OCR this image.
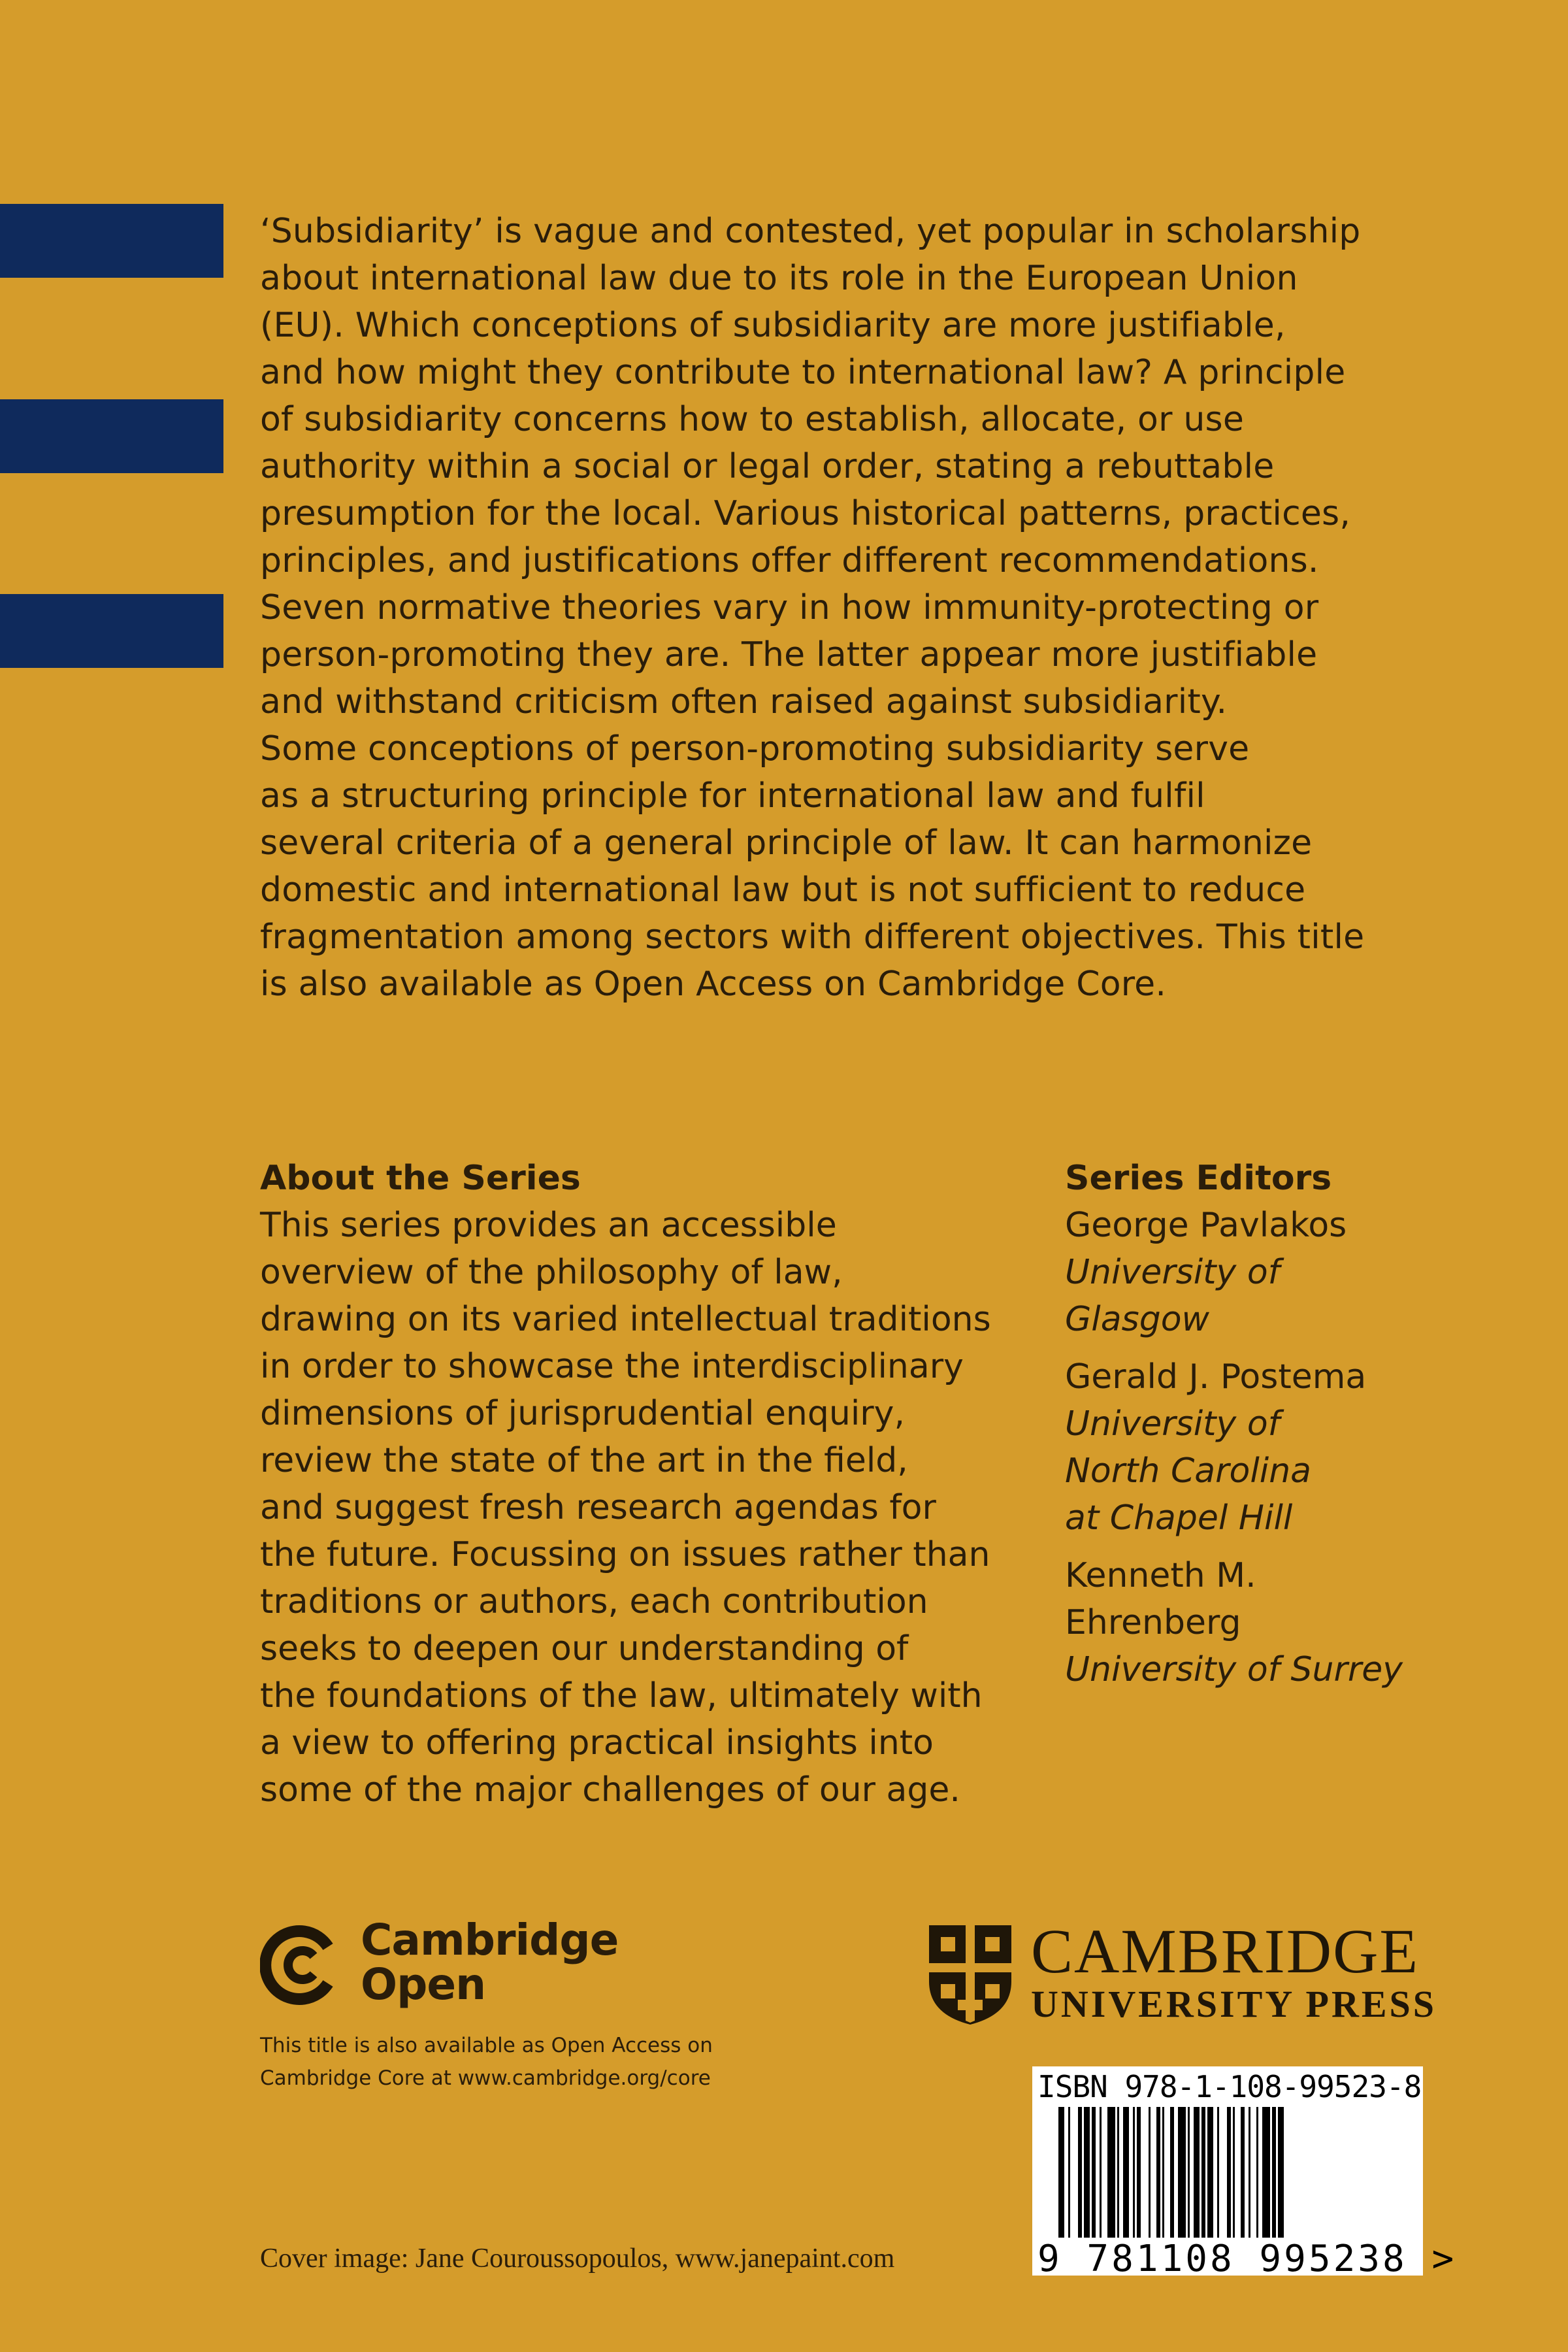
‘Subsidiarity’ is vague and contested, yet popular in scholarship
about international law due to its role in the European Union
(EU). Which conceptions of subsidiarity are more justifiable,
and how might they contribute to international law? A principle
of subsidiarity concerns how to establish, allocate, or use
authority within a social or legal order, stating a rebuttable
presumption for the local. Various historical patterns, practices,
principles, and justifications offer different recommendations.
Seven normative theories vary in how immunity-protecting or
person-promoting they are. The latter appear more justifiable
and withstand criticism often raised against subsidiarity.
Some conceptions of person-promoting subsidiarity serve
as a structuring principle for international law and fulfil
several criteria of a general principle of law. It can harmonize
domestic and international law but is not sufficient to reduce
fragmentation among sectors with different objectives. This title
is also available as Open Access on Cambridge Core.
About the Series
This series provides an accessible
overview of the philosophy of law,
drawing on its varied intellectual traditions
in order to showcase the interdisciplinary
dimensions of jurisprudential enquiry,
review the state of the art in the field,
and suggest fresh research agendas for
the future. Focussing on issues rather than
traditions or authors, each contribution
seeks to deepen our understanding of
the foundations of the law, ultimately with
a view to offering practical insights into
some of the major challenges of our age.
Series Editors
George Pavlakos
University of
Glasgow
Gerald J. Postema
University of
North Carolina
at Chapel Hill
Kenneth M.
Ehrenberg
University of Surrey
Cambridge
Open
This title is also available as Open Access on
Cambridge Core at www.cambridge.org/core
CAMBRIDGE
UNIVERSITY PRESS
ISBN 978-1-108-99523-8
9 781108 995238 >
Cover image: Jane Couroussopoulos, www.janepaint.com
